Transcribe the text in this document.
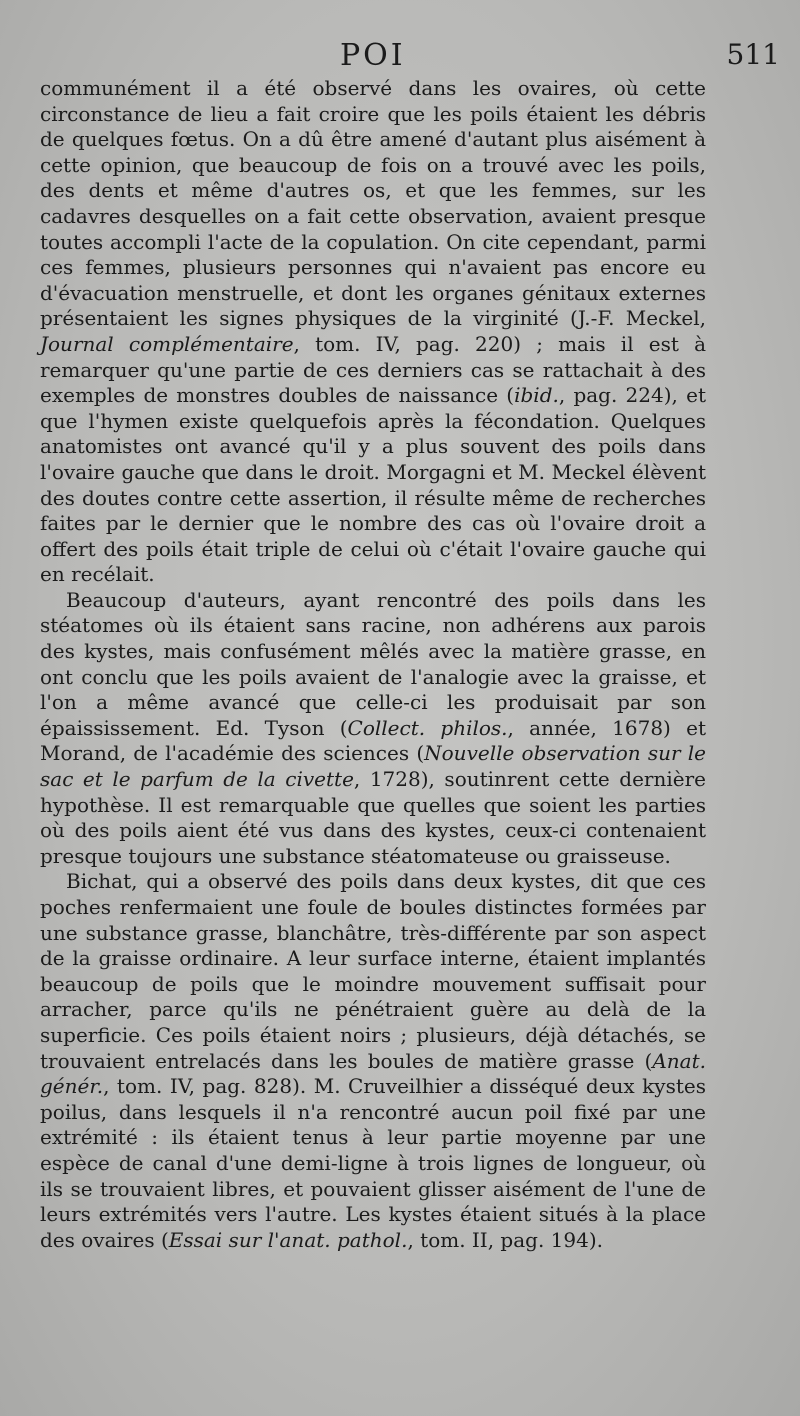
POI	511

communément il a été observé dans les ovaires, où cette circonstance de lieu a fait croire que les poils étaient les débris de quelques fœtus. On a dû être amené d'autant plus aisément à cette opinion, que beaucoup de fois on a trouvé avec les poils, des dents et même d'autres os, et que les femmes, sur les cadavres desquelles on a fait cette observation, avaient presque toutes accompli l'acte de la copulation. On cite cependant, parmi ces femmes, plusieurs personnes qui n'avaient pas encore eu d'évacuation menstruelle, et dont les organes génitaux externes présentaient les signes physiques de la virginité (J.-F. Meckel, Journal complémentaire, tom. IV, pag. 220) ; mais il est à remarquer qu'une partie de ces derniers cas se rattachait à des exemples de monstres doubles de naissance (ibid., pag. 224), et que l'hymen existe quelquefois après la fécondation. Quelques anatomistes ont avancé qu'il y a plus souvent des poils dans l'ovaire gauche que dans le droit. Morgagni et M. Meckel élèvent des doutes contre cette assertion, il résulte même de recherches faites par le dernier que le nombre des cas où l'ovaire droit a offert des poils était triple de celui où c'était l'ovaire gauche qui en recélait.

Beaucoup d'auteurs, ayant rencontré des poils dans les stéatomes où ils étaient sans racine, non adhérens aux parois des kystes, mais confusément mêlés avec la matière grasse, en ont conclu que les poils avaient de l'analogie avec la graisse, et l'on a même avancé que celle-ci les produisait par son épaississement. Ed. Tyson (Collect. philos., année, 1678) et Morand, de l'académie des sciences (Nouvelle observation sur le sac et le parfum de la civette, 1728), soutinrent cette dernière hypothèse. Il est remarquable que quelles que soient les parties où des poils aient été vus dans des kystes, ceux-ci contenaient presque toujours une substance stéatomateuse ou graisseuse.

Bichat, qui a observé des poils dans deux kystes, dit que ces poches renfermaient une foule de boules distinctes formées par une substance grasse, blanchâtre, très-différente par son aspect de la graisse ordinaire. A leur surface interne, étaient implantés beaucoup de poils que le moindre mouvement suffisait pour arracher, parce qu'ils ne pénétraient guère au delà de la superficie. Ces poils étaient noirs ; plusieurs, déjà détachés, se trouvaient entrelacés dans les boules de matière grasse (Anat. génér., tom. IV, pag. 828). M. Cruveilhier a disséqué deux kystes poilus, dans lesquels il n'a rencontré aucun poil fixé par une extrémité : ils étaient tenus à leur partie moyenne par une espèce de canal d'une demi-ligne à trois lignes de longueur, où ils se trouvaient libres, et pouvaient glisser aisément de l'une de leurs extrémités vers l'autre. Les kystes étaient situés à la place des ovaires (Essai sur l'anat. pathol., tom. II, pag. 194).
